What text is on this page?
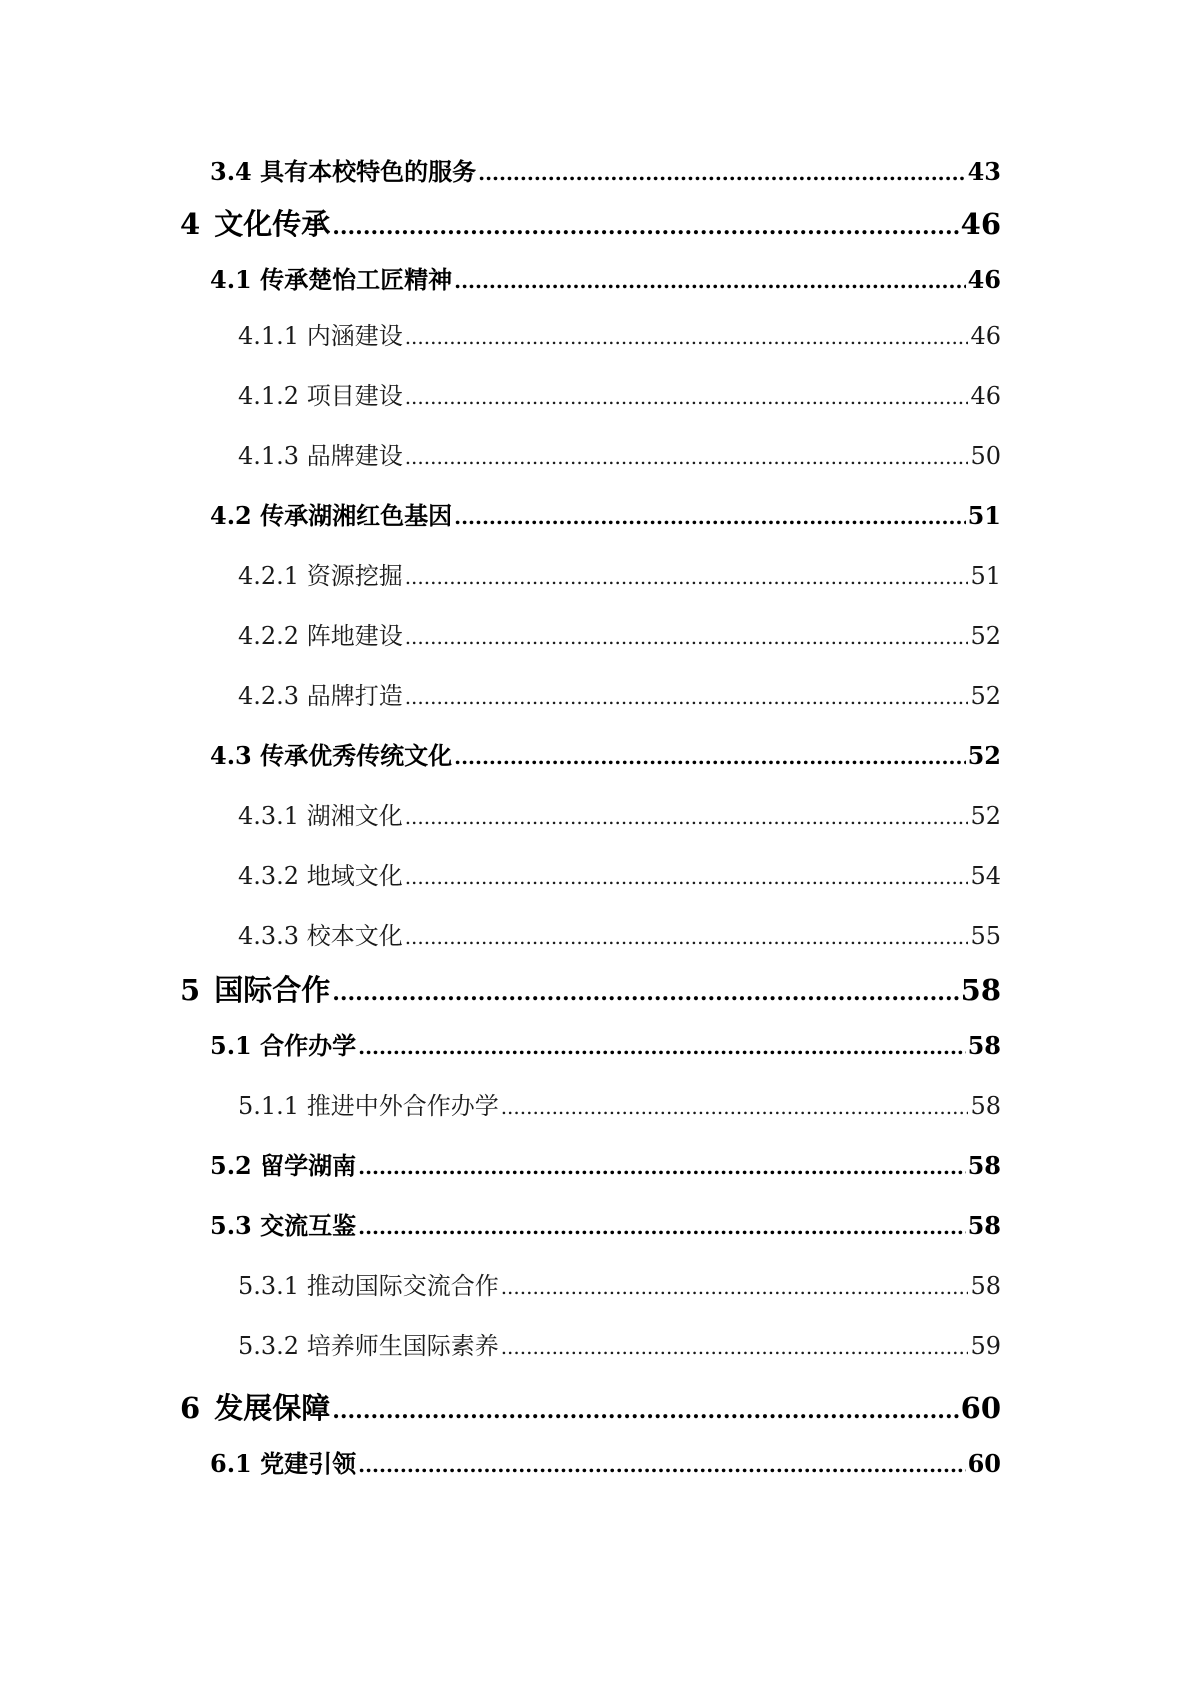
3.4 具有本校特色的服务 .....	43
4 文化传承 .....	46
4.1 传承楚怡工匠精神 .....	46
4.1.1 内涵建设 .....	46
4.1.2 项目建设 .....	46
4.1.3 品牌建设 .....	50
4.2 传承湖湘红色基因 .....	51
4.2.1 资源挖掘 .....	51
4.2.2 阵地建设 .....	52
4.2.3 品牌打造 .....	52
4.3 传承优秀传统文化 .....	52
4.3.1 湖湘文化 .....	52
4.3.2 地域文化 .....	54
4.3.3 校本文化 .....	55
5 国际合作 .....	58
5.1 合作办学 .....	58
5.1.1 推进中外合作办学 .....	58
5.2 留学湖南 .....	58
5.3 交流互鉴 .....	58
5.3.1 推动国际交流合作 .....	58
5.3.2 培养师生国际素养 .....	59
6 发展保障 .....	60
6.1 党建引领 .....	60
